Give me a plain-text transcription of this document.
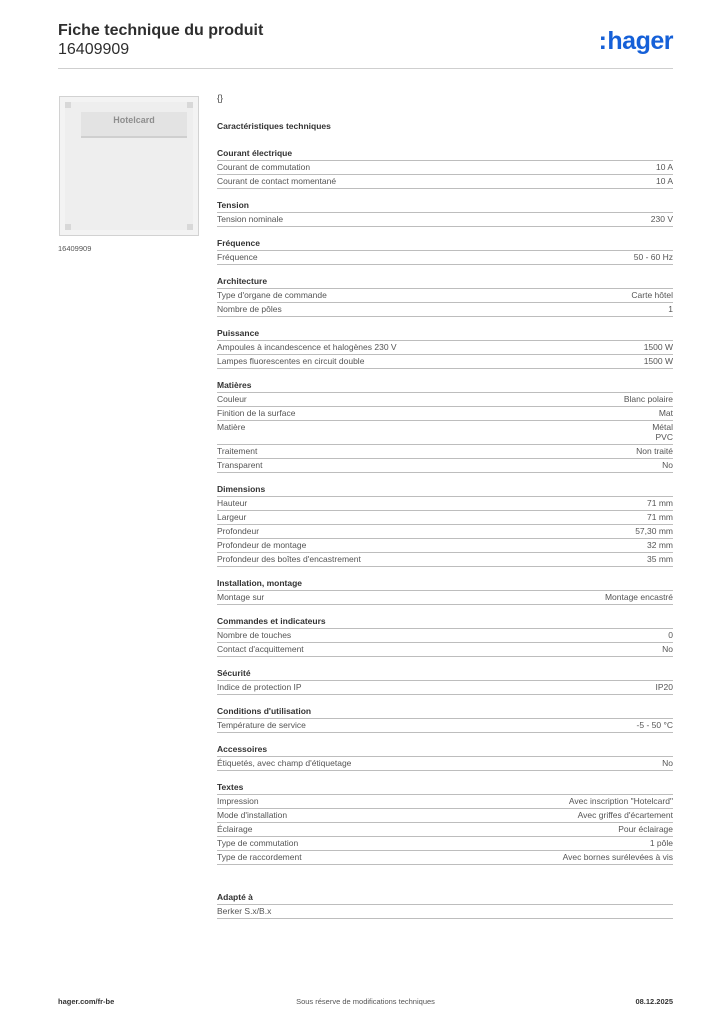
Fiche technique du produit
16409909	:hager
Hotelcard
16409909
{}
Caractéristiques techniques
Courant électrique
Courant de commutation	10 A
Courant de contact momentané	10 A
Tension
Tension nominale	230 V
Fréquence
Fréquence	50 - 60 Hz
Architecture
Type d'organe de commande	Carte hôtel
Nombre de pôles	1
Puissance
Ampoules à incandescence et halogènes 230 V	1500 W
Lampes fluorescentes en circuit double	1500 W
Matières
Couleur	Blanc polaire
Finition de la surface	Mat
Matière	Métal
PVC
Traitement	Non traité
Transparent	No
Dimensions
Hauteur	71 mm
Largeur	71 mm
Profondeur	57,30 mm
Profondeur de montage	32 mm
Profondeur des boîtes d'encastrement	35 mm
Installation, montage
Montage sur	Montage encastré
Commandes et indicateurs
Nombre de touches	0
Contact d'acquittement	No
Sécurité
Indice de protection IP	IP20
Conditions d'utilisation
Température de service	-5 - 50 °C
Accessoires
Étiquetés, avec champ d'étiquetage	No
Textes
Impression	Avec inscription "Hotelcard"
Mode d'installation	Avec griffes d'écartement
Éclairage	Pour éclairage
Type de commutation	1 pôle
Type de raccordement	Avec bornes surélevées à vis
Adapté à
Berker S.x/B.x
hager.com/fr-be	Sous réserve de modifications techniques	08.12.2025
